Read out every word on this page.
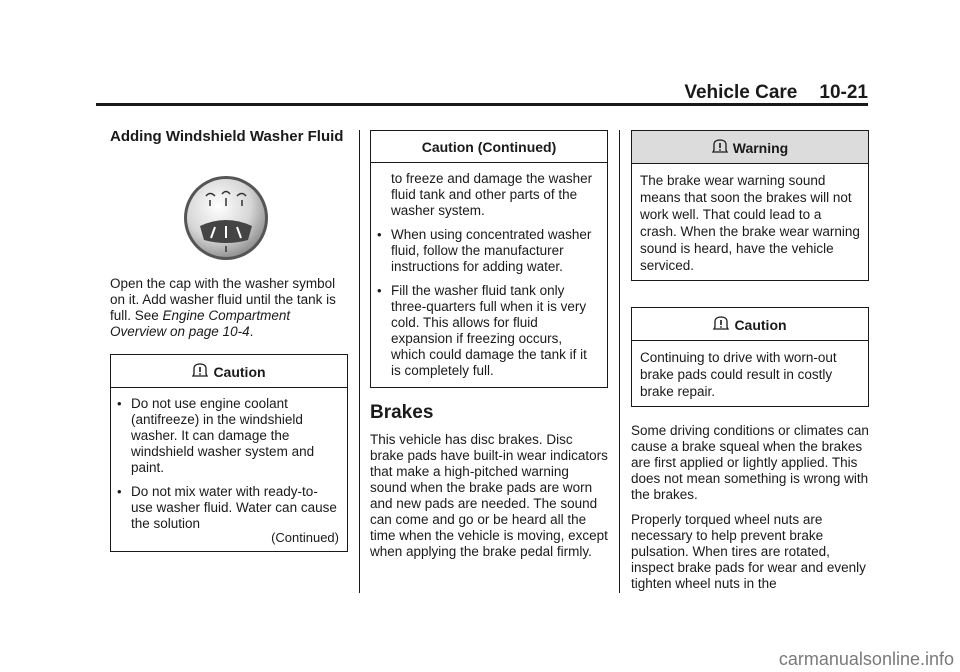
Vehicle Care 10-21
Adding Windshield Washer Fluid

Open the cap with the washer symbol on it. Add washer fluid until the tank is full. See Engine Compartment Overview on page 10-4.

Caution
• Do not use engine coolant (antifreeze) in the windshield washer. It can damage the windshield washer system and paint.
• Do not mix water with ready-to-use washer fluid. Water can cause the solution
(Continued)
Caution (Continued)
to freeze and damage the washer fluid tank and other parts of the washer system.
• When using concentrated washer fluid, follow the manufacturer instructions for adding water.
• Fill the washer fluid tank only three-quarters full when it is very cold. This allows for fluid expansion if freezing occurs, which could damage the tank if it is completely full.
Brakes

This vehicle has disc brakes. Disc brake pads have built-in wear indicators that make a high-pitched warning sound when the brake pads are worn and new pads are needed. The sound can come and go or be heard all the time when the vehicle is moving, except when applying the brake pedal firmly.

Warning
The brake wear warning sound means that soon the brakes will not work well. That could lead to a crash. When the brake wear warning sound is heard, have the vehicle serviced.
Caution
Continuing to drive with worn-out brake pads could result in costly brake repair.

Some driving conditions or climates can cause a brake squeal when the brakes are first applied or lightly applied. This does not mean something is wrong with the brakes.

Properly torqued wheel nuts are necessary to help prevent brake pulsation. When tires are rotated, inspect brake pads for wear and evenly tighten wheel nuts in the

carmanualsonline.info
